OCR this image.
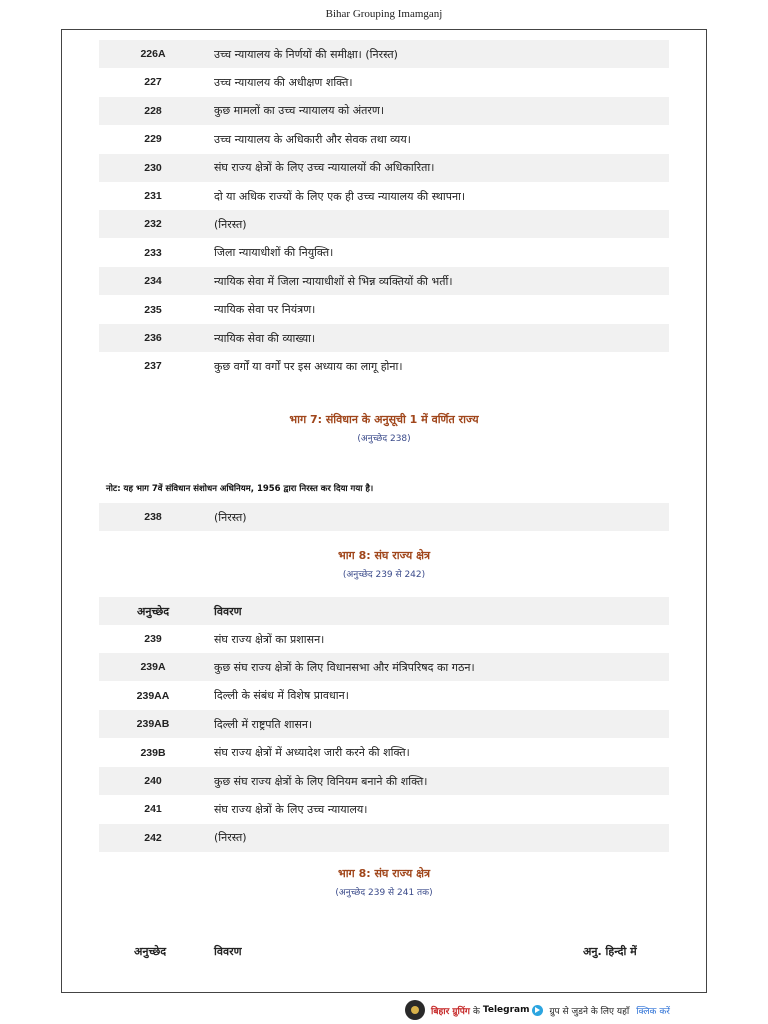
Bihar Grouping Imamganj
226A	उच्च न्यायालय के निर्णयों की समीक्षा। (निरस्त)
227	उच्च न्यायालय की अधीक्षण शक्ति।
228	कुछ मामलों का उच्च न्यायालय को अंतरण।
229	उच्च न्यायालय के अधिकारी और सेवक तथा व्यय।
230	संघ राज्य क्षेत्रों के लिए उच्च न्यायालयों की अधिकारिता।
231	दो या अधिक राज्यों के लिए एक ही उच्च न्यायालय की स्थापना।
232	(निरस्त)
233	जिला न्यायाधीशों की नियुक्ति।
234	न्यायिक सेवा में जिला न्यायाधीशों से भिन्न व्यक्तियों की भर्ती।
235	न्यायिक सेवा पर नियंत्रण।
236	न्यायिक सेवा की व्याख्या।
237	कुछ वर्गों या वर्गों पर इस अध्याय का लागू होना।
भाग 7: संविधान के अनुसूची 1 में वर्णित राज्य
(अनुच्छेद 238)
नोट: यह भाग 7वें संविधान संशोधन अधिनियम, 1956 द्वारा निरस्त कर दिया गया है।
238	(निरस्त)
भाग 8: संघ राज्य क्षेत्र
(अनुच्छेद 239 से 242)
अनुच्छेद	विवरण
239	संघ राज्य क्षेत्रों का प्रशासन।
239A	कुछ संघ राज्य क्षेत्रों के लिए विधानसभा और मंत्रिपरिषद का गठन।
239AA	दिल्ली के संबंध में विशेष प्रावधान।
239AB	दिल्ली में राष्ट्रपति शासन।
239B	संघ राज्य क्षेत्रों में अध्यादेश जारी करने की शक्ति।
240	कुछ संघ राज्य क्षेत्रों के लिए विनियम बनाने की शक्ति।
241	संघ राज्य क्षेत्रों के लिए उच्च न्यायालय।
242	(निरस्त)
भाग 8: संघ राज्य क्षेत्र
(अनुच्छेद 239 से 241 तक)
अनुच्छेद	विवरण	अनु. हिन्दी में
बिहार ग्रुपिंग के Telegram ग्रुप से जुडने के लिए यहाँ क्लिक करें
